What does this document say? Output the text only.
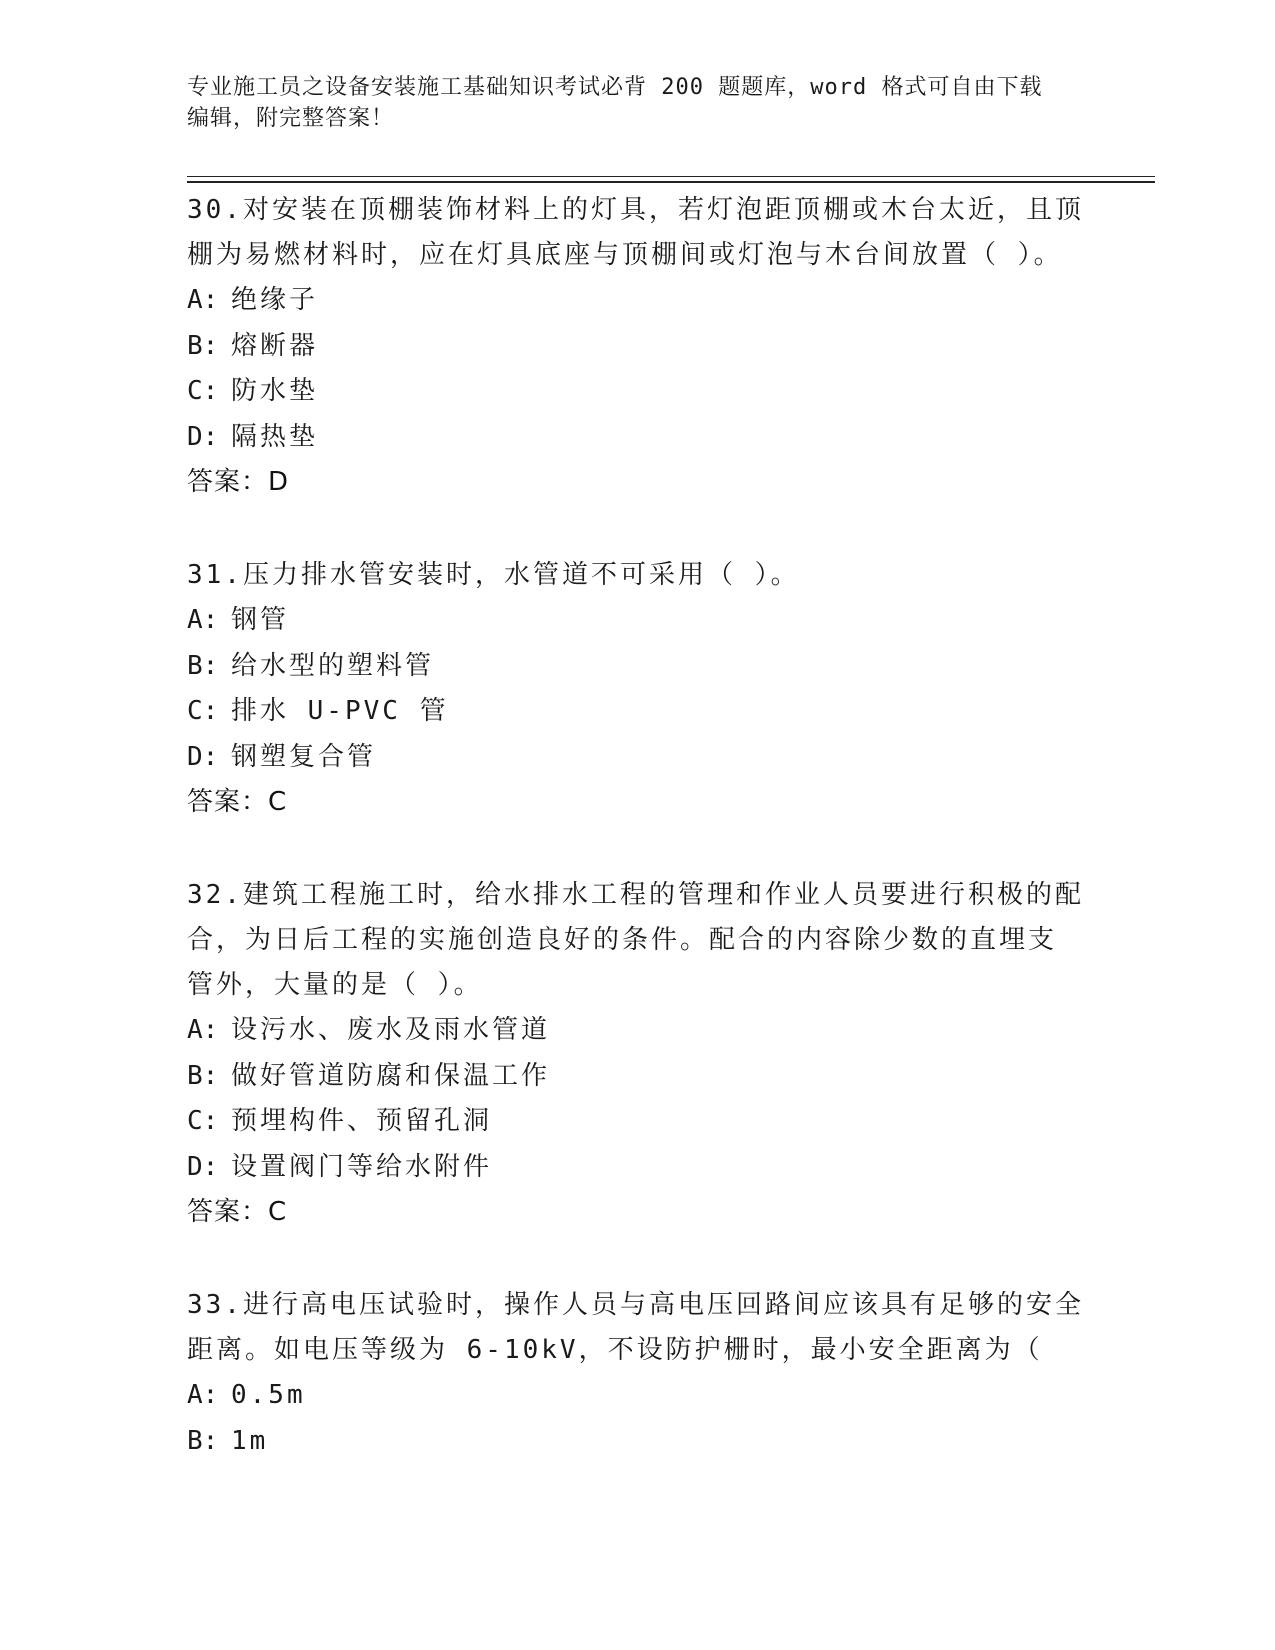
专业施工员之设备安装施工基础知识考试必背 200 题题库，word 格式可自由下载
编辑，附完整答案！

30.对安装在顶棚装饰材料上的灯具，若灯泡距顶棚或木台太近，且顶

棚为易燃材料时，应在灯具底座与顶棚间或灯泡与木台间放置（ ）。

A: 绝缘子

B: 熔断器

C: 防水垫

D: 隔热垫

答案：D

31.压力排水管安装时，水管道不可采用（ ）。

A: 钢管

B: 给水型的塑料管

C: 排水 U-PVC 管

D: 钢塑复合管

答案：C

32.建筑工程施工时，给水排水工程的管理和作业人员要进行积极的配

合，为日后工程的实施创造良好的条件。配合的内容除少数的直埋支

管外，大量的是（ ）。

A: 设污水、废水及雨水管道

B: 做好管道防腐和保温工作

C: 预埋构件、预留孔洞

D: 设置阀门等给水附件

答案：C

33.进行高电压试验时，操作人员与高电压回路间应该具有足够的安全

距离。如电压等级为 6-10kV，不设防护栅时，最小安全距离为（

A: 0.5m

B: 1m
